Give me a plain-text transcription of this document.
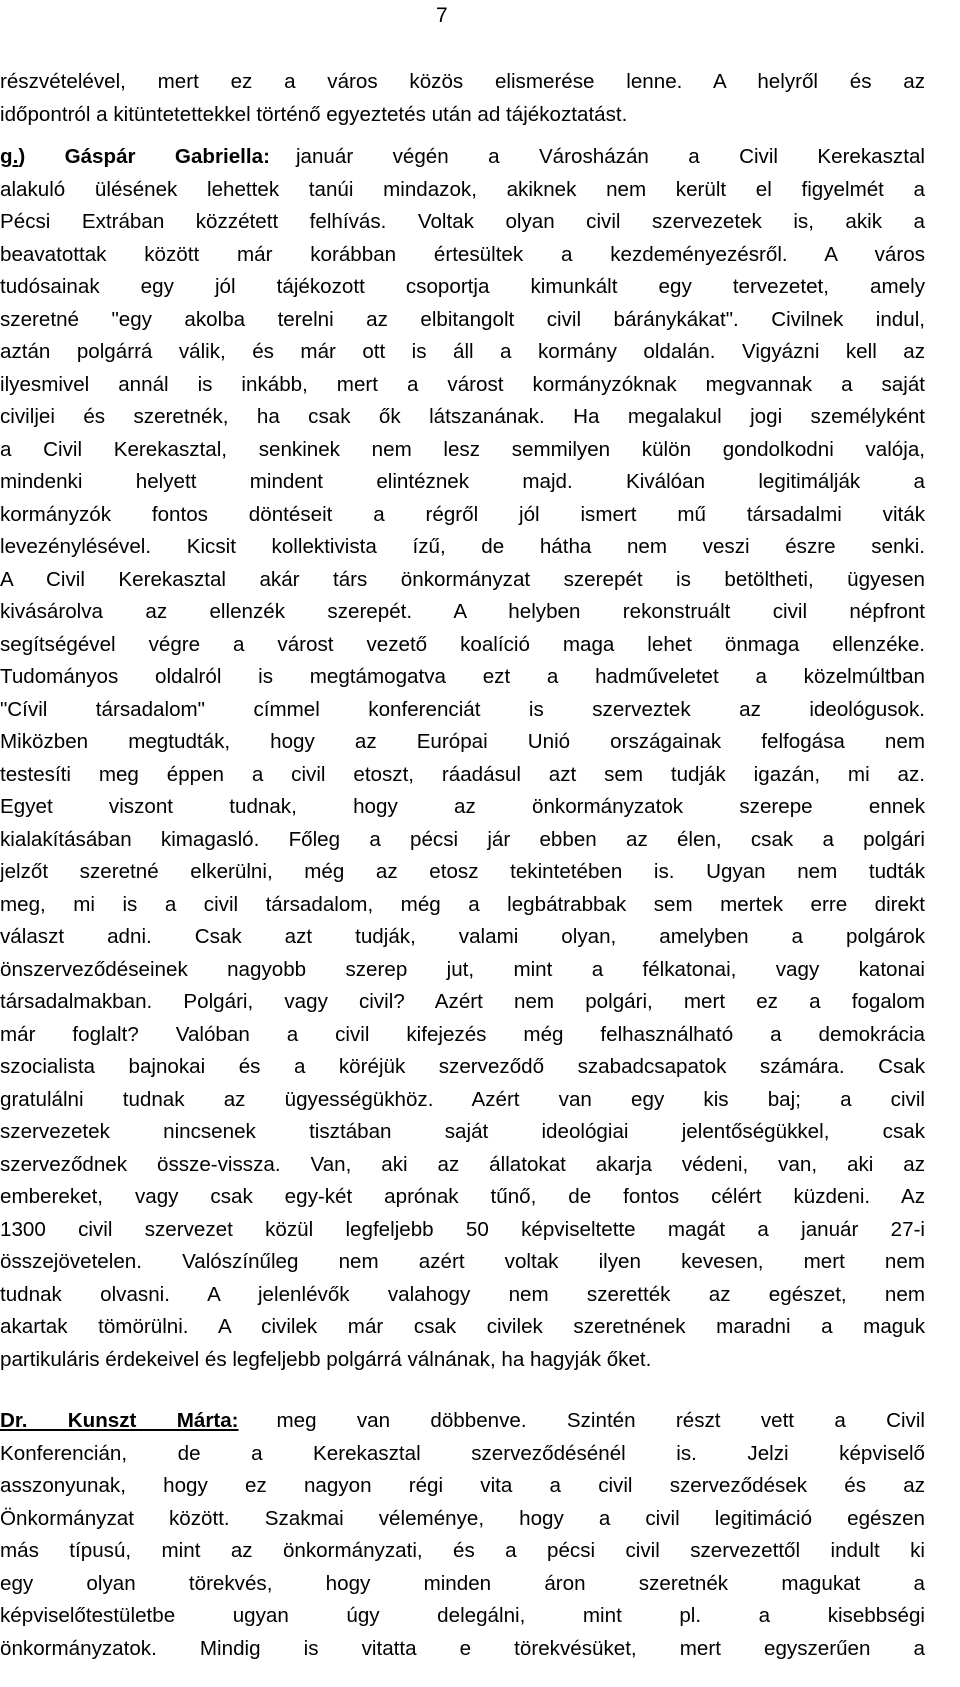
7
részvételével, mert ez a város közös elismerése lenne. A helyről és az
időpontról a kitüntetettekkel történő egyeztetés után ad tájékoztatást.
g.) Gáspár Gabriella: január végén a Városházán a Civil Kerekasztal
alakuló ülésének lehettek tanúi mindazok, akiknek nem került el figyelmét a
Pécsi Extrában közzétett felhívás. Voltak olyan civil szervezetek is, akik a
beavatottak között már korábban értesültek a kezdeményezésről. A város
tudósainak egy jól tájékozott csoportja kimunkált egy tervezetet, amely
szeretné "egy akolba terelni az elbitangolt civil báránykákat". Civilnek indul,
aztán polgárrá válik, és már ott is áll a kormány oldalán. Vigyázni kell az
ilyesmivel annál is inkább, mert a várost kormányzóknak megvannak a saját
civiljei és szeretnék, ha csak ők látszanának. Ha megalakul jogi személyként
a Civil Kerekasztal, senkinek nem lesz semmilyen külön gondolkodni valója,
mindenki helyett mindent elintéznek majd. Kiválóan legitimálják a
kormányzók fontos döntéseit a régről jól ismert mű társadalmi viták
levezénylésével. Kicsit kollektivista ízű, de hátha nem veszi észre senki.
A Civil Kerekasztal akár társ önkormányzat szerepét is betöltheti, ügyesen
kivásárolva az ellenzék szerepét. A helyben rekonstruált civil népfront
segítségével végre a várost vezető koalíció maga lehet önmaga ellenzéke.
Tudományos oldalról is megtámogatva ezt a hadműveletet a közelmúltban
"Cívil társadalom" címmel konferenciát is szerveztek az ideológusok.
Miközben megtudták, hogy az Európai Unió országainak felfogása nem
testesíti meg éppen a civil etoszt, ráadásul azt sem tudják igazán, mi az.
Egyet viszont tudnak, hogy az önkormányzatok szerepe ennek
kialakításában kimagasló. Főleg a pécsi jár ebben az élen, csak a polgári
jelzőt szeretné elkerülni, még az etosz tekintetében is. Ugyan nem tudták
meg, mi is a civil társadalom, még a legbátrabbak sem mertek erre direkt
választ adni. Csak azt tudják, valami olyan, amelyben a polgárok
önszerveződéseinek nagyobb szerep jut, mint a félkatonai, vagy katonai
társadalmakban. Polgári, vagy civil? Azért nem polgári, mert ez a fogalom
már foglalt? Valóban a civil kifejezés még felhasználható a demokrácia
szocialista bajnokai és a köréjük szerveződő szabadcsapatok számára. Csak
gratulálni tudnak az ügyességükhöz. Azért van egy kis baj; a civil
szervezetek nincsenek tisztában saját ideológiai jelentőségükkel, csak
szerveződnek össze-vissza. Van, aki az állatokat akarja védeni, van, aki az
embereket, vagy csak egy-két aprónak tűnő, de fontos célért küzdeni. Az
1300 civil szervezet közül legfeljebb 50 képviseltette magát a január 27-i
összejövetelen. Valószínűleg nem azért voltak ilyen kevesen, mert nem
tudnak olvasni. A jelenlévők valahogy nem szerették az egészet, nem
akartak tömörülni. A civilek már csak civilek szeretnének maradni a maguk
partikuláris érdekeivel és legfeljebb polgárrá válnának, ha hagyják őket.
Dr. Kunszt Márta: meg van döbbenve. Szintén részt vett a Civil
Konferencián, de a Kerekasztal szerveződésénél is. Jelzi képviselő
asszonyunak, hogy ez nagyon régi vita a civil szerveződések és az
Önkormányzat között. Szakmai véleménye, hogy a civil legitimáció egészen
más típusú, mint az önkormányzati, és a pécsi civil szervezettől indult ki
egy olyan törekvés, hogy minden áron szeretnék magukat a
képviselőtestületbe ugyan úgy delegálni, mint pl. a kisebbségi
önkormányzatok. Mindig is vitatta e törekvésüket, mert egyszerűen a
